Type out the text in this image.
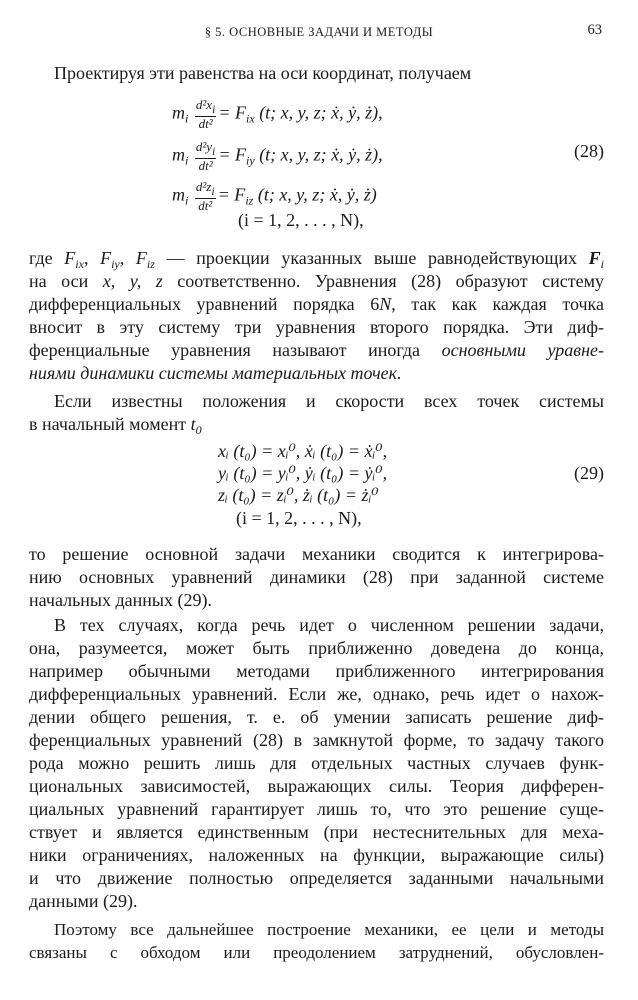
§ 5. ОСНОВНЫЕ ЗАДАЧИ И МЕТОДЫ	63
Проектируя эти равенства на оси координат, получаем
$m_i \frac{\text{d²xi}}{\text{dt²}} = F_{ix}$ (t; x, y, z; ẋ, ẏ, ż),
$m_i \frac{\text{d²yi}}{\text{dt²}} = F_{iy}$ (t; x, y, z; ẋ, ẏ, ż),	(28)
$m_i \frac{\text{d²zi}}{\text{dt²}} = F_{iz}$ (t; x, y, z; ẋ, ẏ, ż)
(i = 1, 2, . . . , N),
где $F_{ix}$, $F_{iy}$, $F_{iz}$ — проекции указанных выше равнодействующих $F_i$
на оси x, y, z соответственно. Уравнения (28) образуют систему
дифференциальных уравнений порядка 6N, так как каждая точка
вносит в эту систему три уравнения второго порядка. Эти диф-
ференциальные уравнения называют иногда основными уравне-
ниями динамики системы материальных точек.
Если известны положения и скорости всех точек системы
в начальный момент $t_0$
xᵢ (t₀) = xᵢ⁰, ẋᵢ (t₀) = ẋᵢ⁰,
yᵢ (t₀) = yᵢ⁰, ẏᵢ (t₀) = ẏᵢ⁰,	(29)
zᵢ (t₀) = zᵢ⁰, żᵢ (t₀) = żᵢ⁰
(i = 1, 2, . . . , N),
то решение основной задачи механики сводится к интегрирова-
нию основных уравнений динамики (28) при заданной системе
начальных данных (29).
В тех случаях, когда речь идет о численном решении задачи,
она, разумеется, может быть приближенно доведена до конца,
например обычными методами приближенного интегрирования
дифференциальных уравнений. Если же, однако, речь идет о нахож-
дении общего решения, т. е. об умении записать решение диф-
ференциальных уравнений (28) в замкнутой форме, то задачу такого
рода можно решить лишь для отдельных частных случаев функ-
циональных зависимостей, выражающих силы. Теория дифферен-
циальных уравнений гарантирует лишь то, что это решение суще-
ствует и является единственным (при нестеснительных для меха-
ники ограничениях, наложенных на функции, выражающие силы)
и что движение полностью определяется заданными начальными
данными (29).
Поэтому все дальнейшее построение механики, ее цели и методы
связаны с обходом или преодолением затруднений, обусловлен-
